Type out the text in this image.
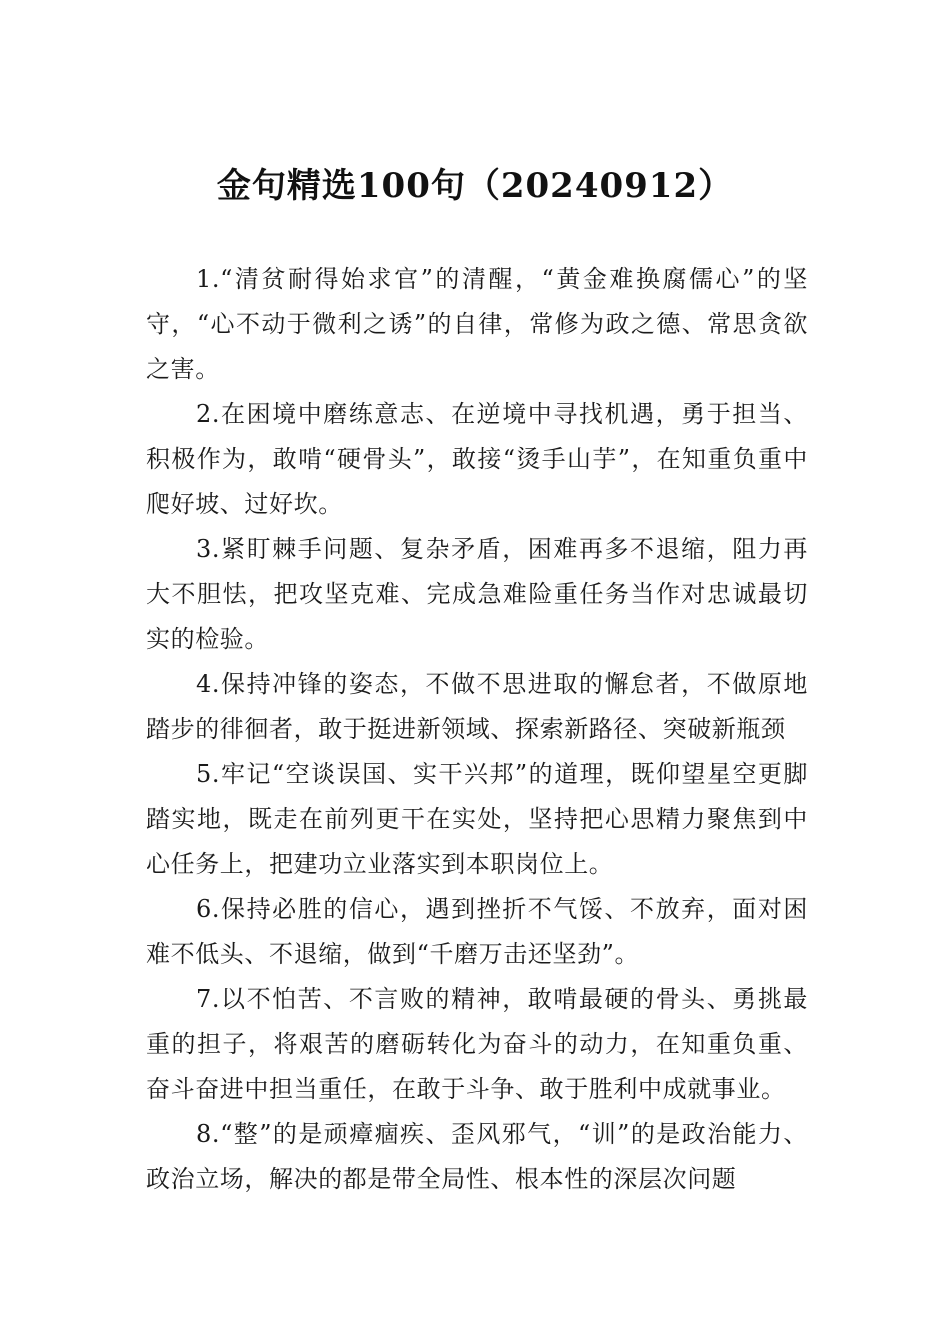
金句精选100句（20240912）

1.“清贫耐得始求官”的清醒，“黄金难换腐儒心”的坚守，“心不动于微利之诱”的自律，常修为政之德、常思贪欲之害。

2.在困境中磨练意志、在逆境中寻找机遇，勇于担当、积极作为，敢啃“硬骨头”，敢接“烫手山芋”，在知重负重中爬好坡、过好坎。

3.紧盯棘手问题、复杂矛盾，困难再多不退缩，阻力再大不胆怯，把攻坚克难、完成急难险重任务当作对忠诚最切实的检验。

4.保持冲锋的姿态，不做不思进取的懈怠者，不做原地踏步的徘徊者，敢于挺进新领域、探索新路径、突破新瓶颈

5.牢记“空谈误国、实干兴邦”的道理，既仰望星空更脚踏实地，既走在前列更干在实处，坚持把心思精力聚焦到中心任务上，把建功立业落实到本职岗位上。

6.保持必胜的信心，遇到挫折不气馁、不放弃，面对困难不低头、不退缩，做到“千磨万击还坚劲”。

7.以不怕苦、不言败的精神，敢啃最硬的骨头、勇挑最重的担子，将艰苦的磨砺转化为奋斗的动力，在知重负重、奋斗奋进中担当重任，在敢于斗争、敢于胜利中成就事业。

8.“整”的是顽瘴痼疾、歪风邪气，“训”的是政治能力、政治立场，解决的都是带全局性、根本性的深层次问题
